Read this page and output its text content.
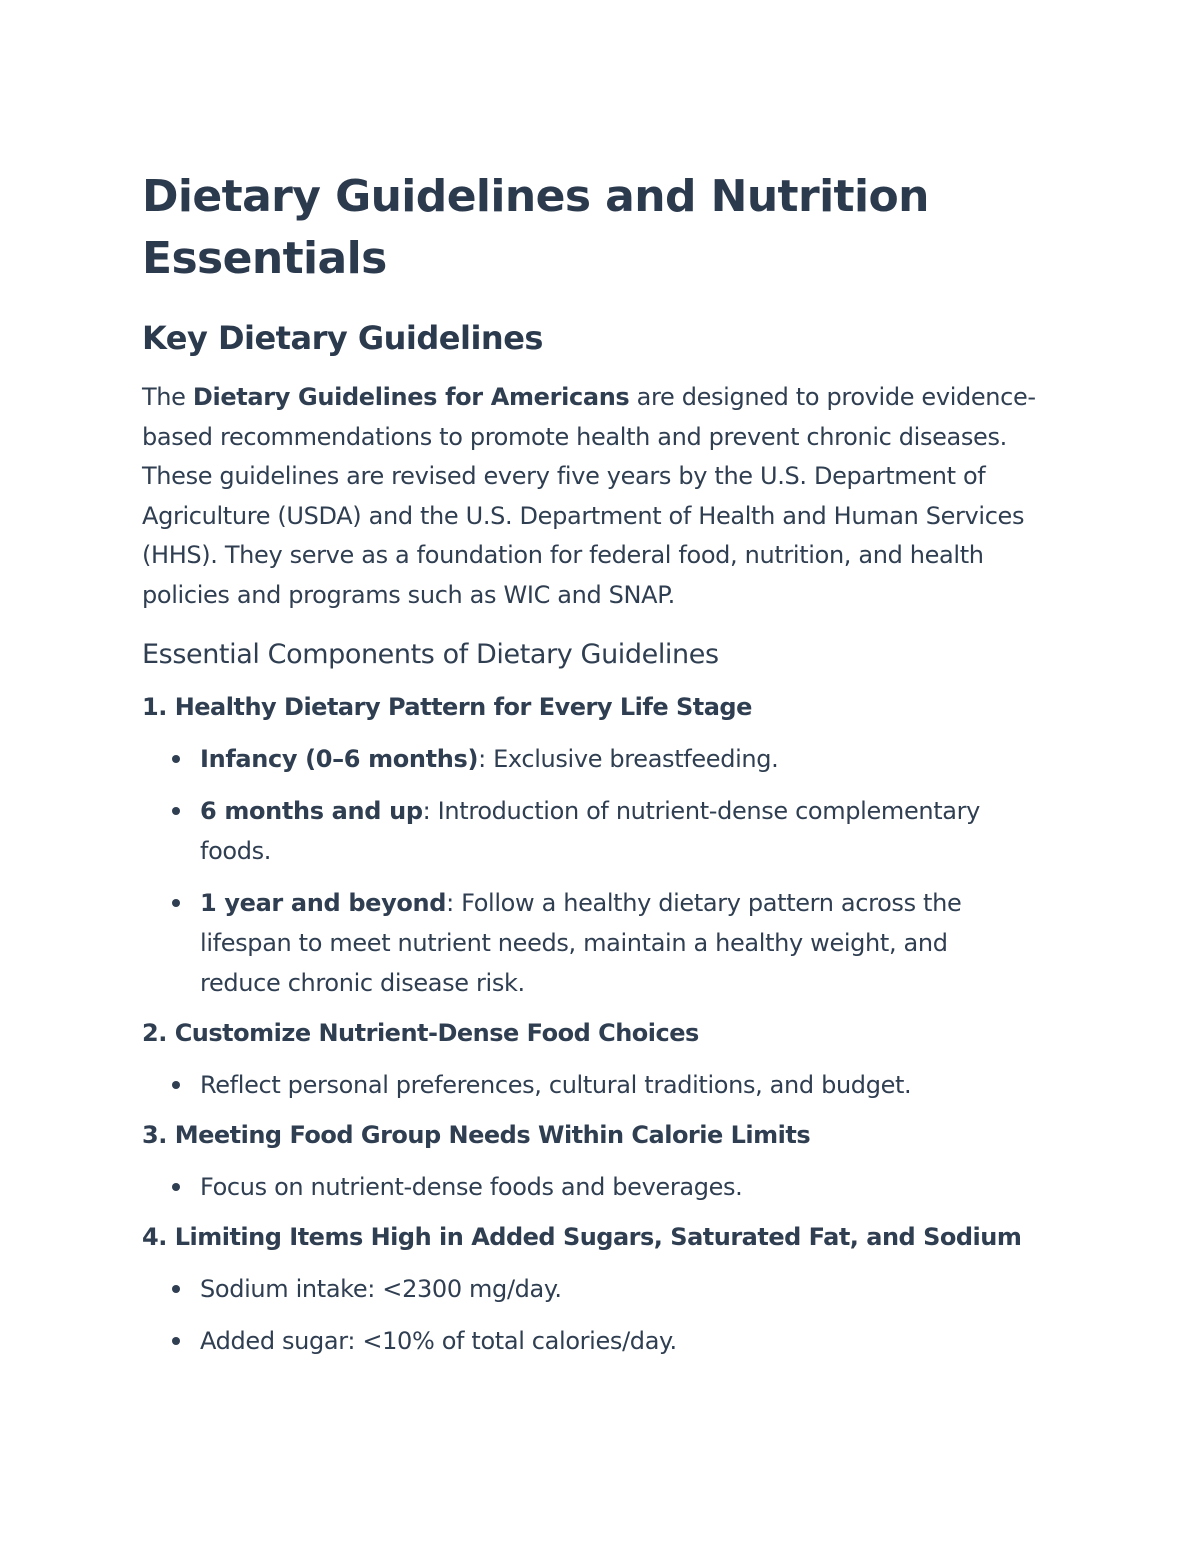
Dietary Guidelines and Nutrition Essentials
Key Dietary Guidelines

The Dietary Guidelines for Americans are designed to provide evidence-based recommendations to promote health and prevent chronic diseases. These guidelines are revised every five years by the U.S. Department of Agriculture (USDA) and the U.S. Department of Health and Human Services (HHS). They serve as a foundation for federal food, nutrition, and health policies and programs such as WIC and SNAP.

Essential Components of Dietary Guidelines
1. Healthy Dietary Pattern for Every Life Stage
Infancy (0–6 months): Exclusive breastfeeding.
6 months and up: Introduction of nutrient-dense complementary foods.
1 year and beyond: Follow a healthy dietary pattern across the lifespan to meet nutrient needs, maintain a healthy weight, and reduce chronic disease risk.
2. Customize Nutrient-Dense Food Choices
Reflect personal preferences, cultural traditions, and budget.
3. Meeting Food Group Needs Within Calorie Limits
Focus on nutrient-dense foods and beverages.
4. Limiting Items High in Added Sugars, Saturated Fat, and Sodium
Sodium intake: <2300 mg/day.
Added sugar: <10% of total calories/day.
